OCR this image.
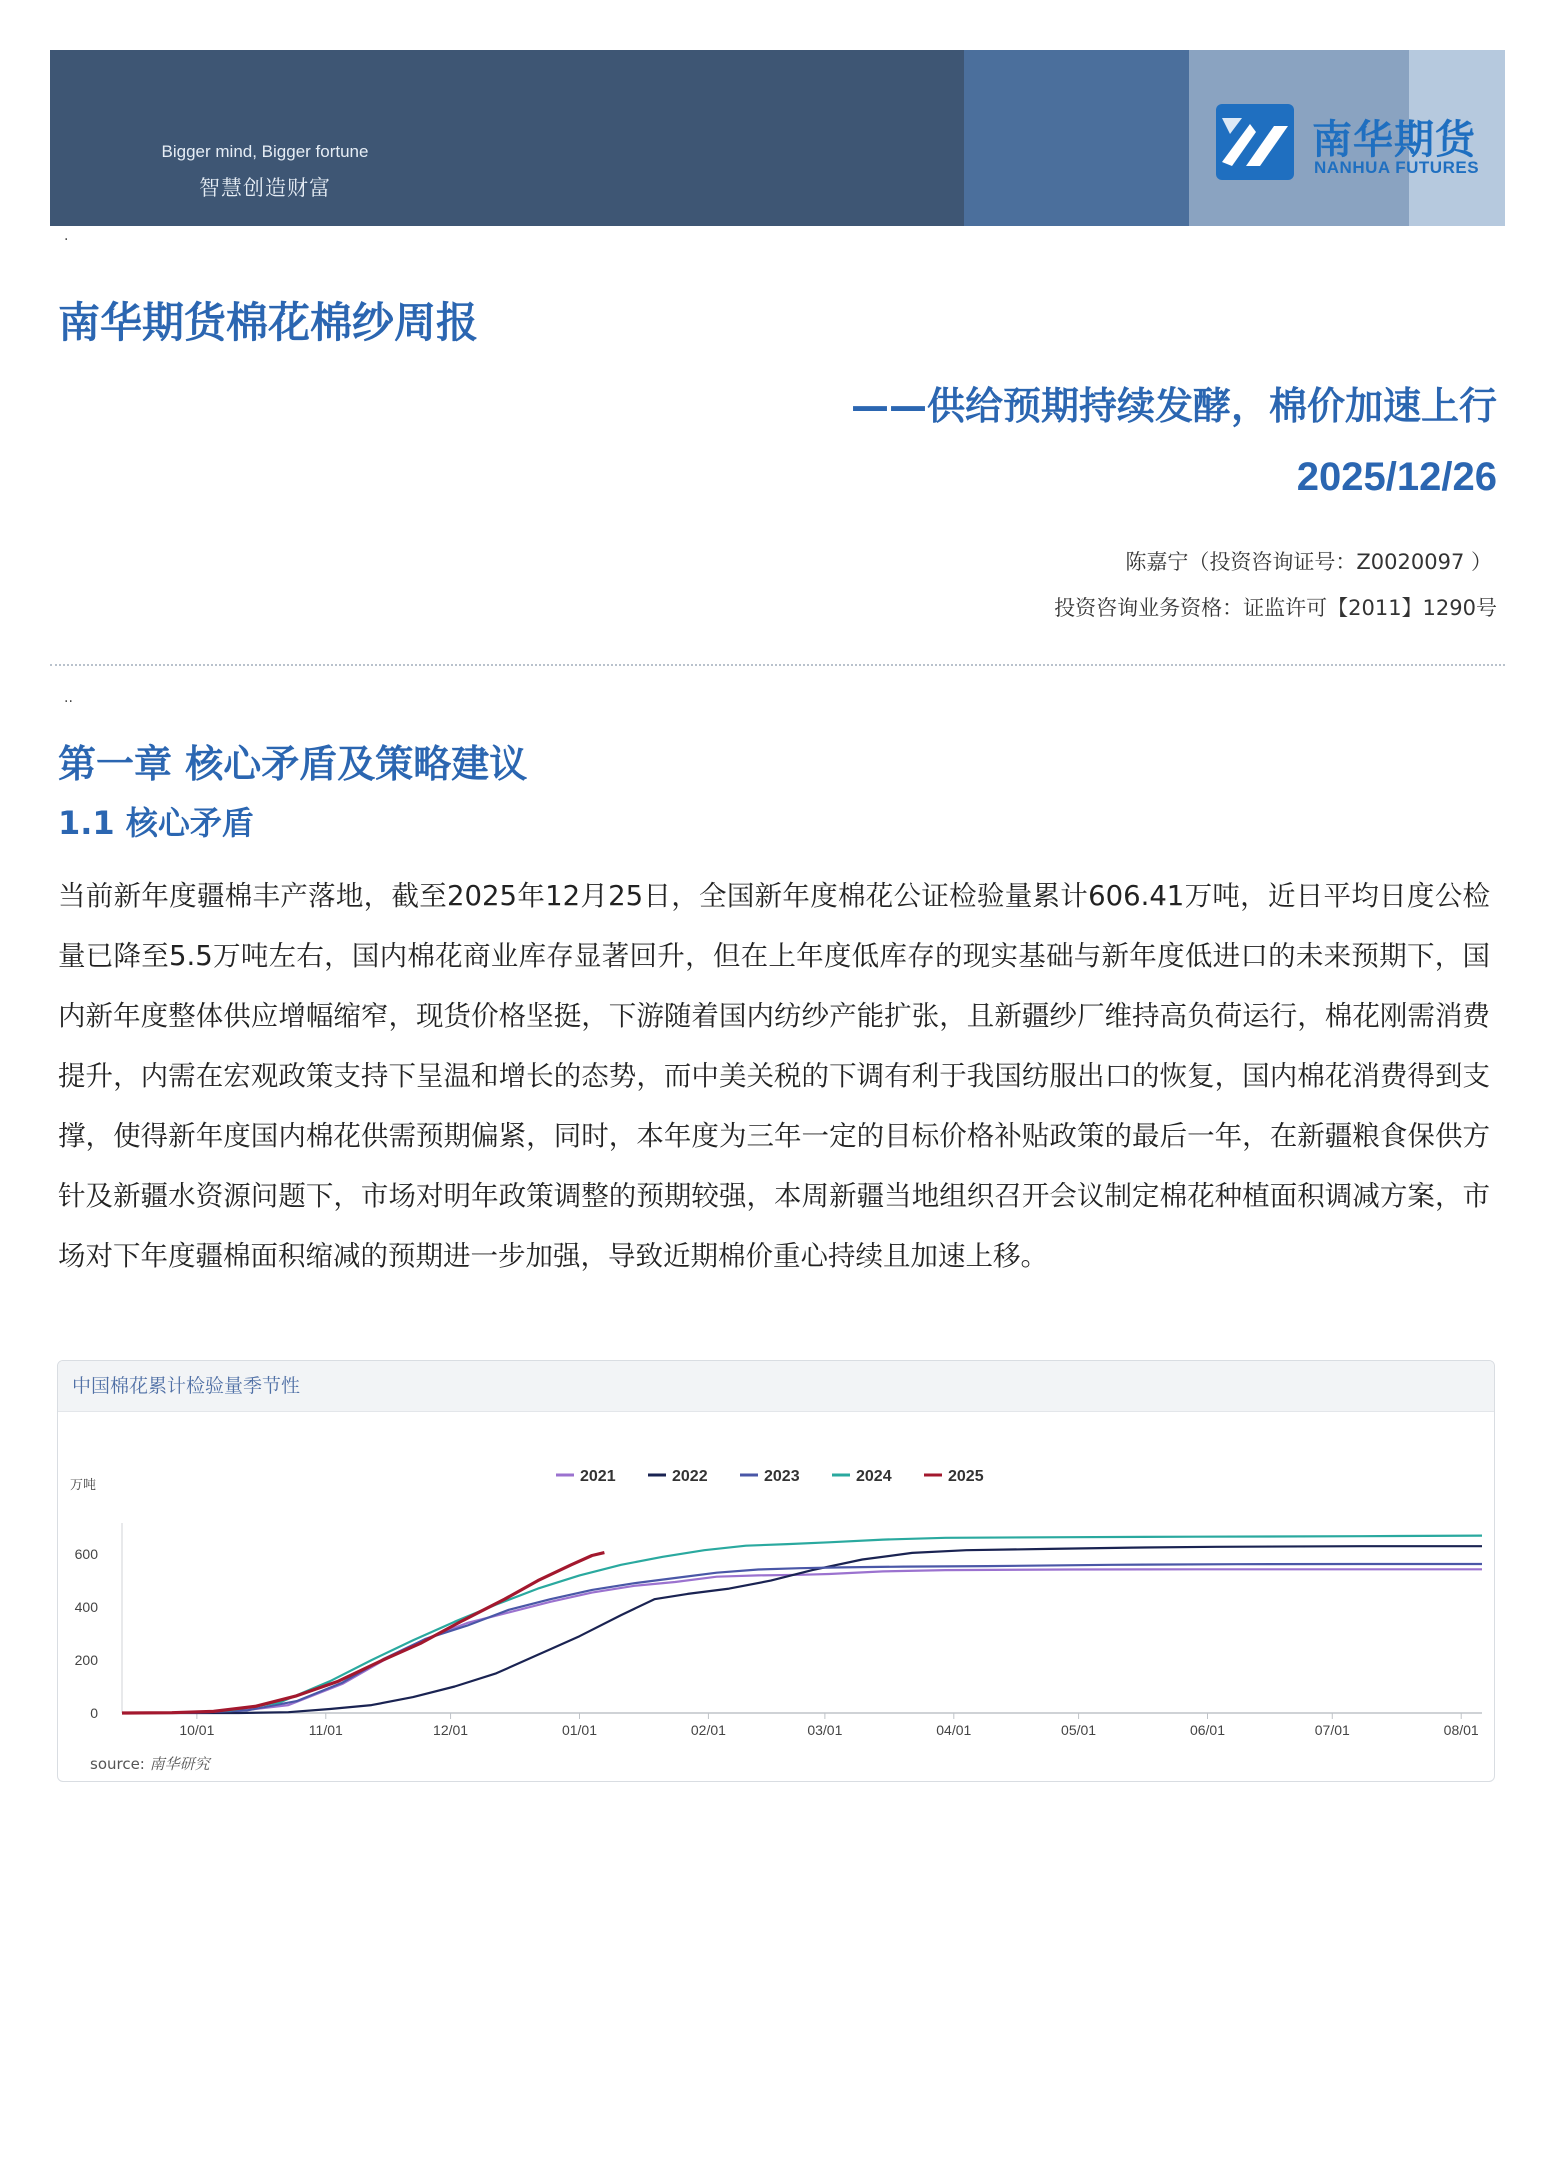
Bigger mind, Bigger fortune
智慧创造财富
南华期货
NANHUA FUTURES
.
南华期货棉花棉纱周报
——供给预期持续发酵，棉价加速上行
2025/12/26
陈嘉宁（投资咨询证号：Z0020097 ）
投资咨询业务资格：证监许可【2011】1290号
..
第一章 核心矛盾及策略建议
1.1 核心矛盾

当前新年度疆棉丰产落地，截至2025年12月25日，全国新年度棉花公证检验量累计606.41万吨，近日平均日度公检量已降至5.5万吨左右，国内棉花商业库存显著回升，但在上年度低库存的现实基础与新年度低进口的未来预期下，国内新年度整体供应增幅缩窄，现货价格坚挺，下游随着国内纺纱产能扩张，且新疆纱厂维持高负荷运行，棉花刚需消费提升，内需在宏观政策支持下呈温和增长的态势，而中美关税的下调有利于我国纺服出口的恢复，国内棉花消费得到支撑，使得新年度国内棉花供需预期偏紧，同时，本年度为三年一定的目标价格补贴政策的最后一年，在新疆粮食保供方针及新疆水资源问题下，市场对明年政策调整的预期较强，本周新疆当地组织召开会议制定棉花种植面积调减方案，市场对下年度疆棉面积缩减的预期进一步加强，导致近期棉价重心持续且加速上移。

中国棉花累计检验量季节性
2021	2022	2023	2024	2025
万吨
0
200
400
600
10/01	11/01	12/01	01/01	02/01	03/01	04/01	05/01	06/01	07/01	08/01
source: 南华研究
